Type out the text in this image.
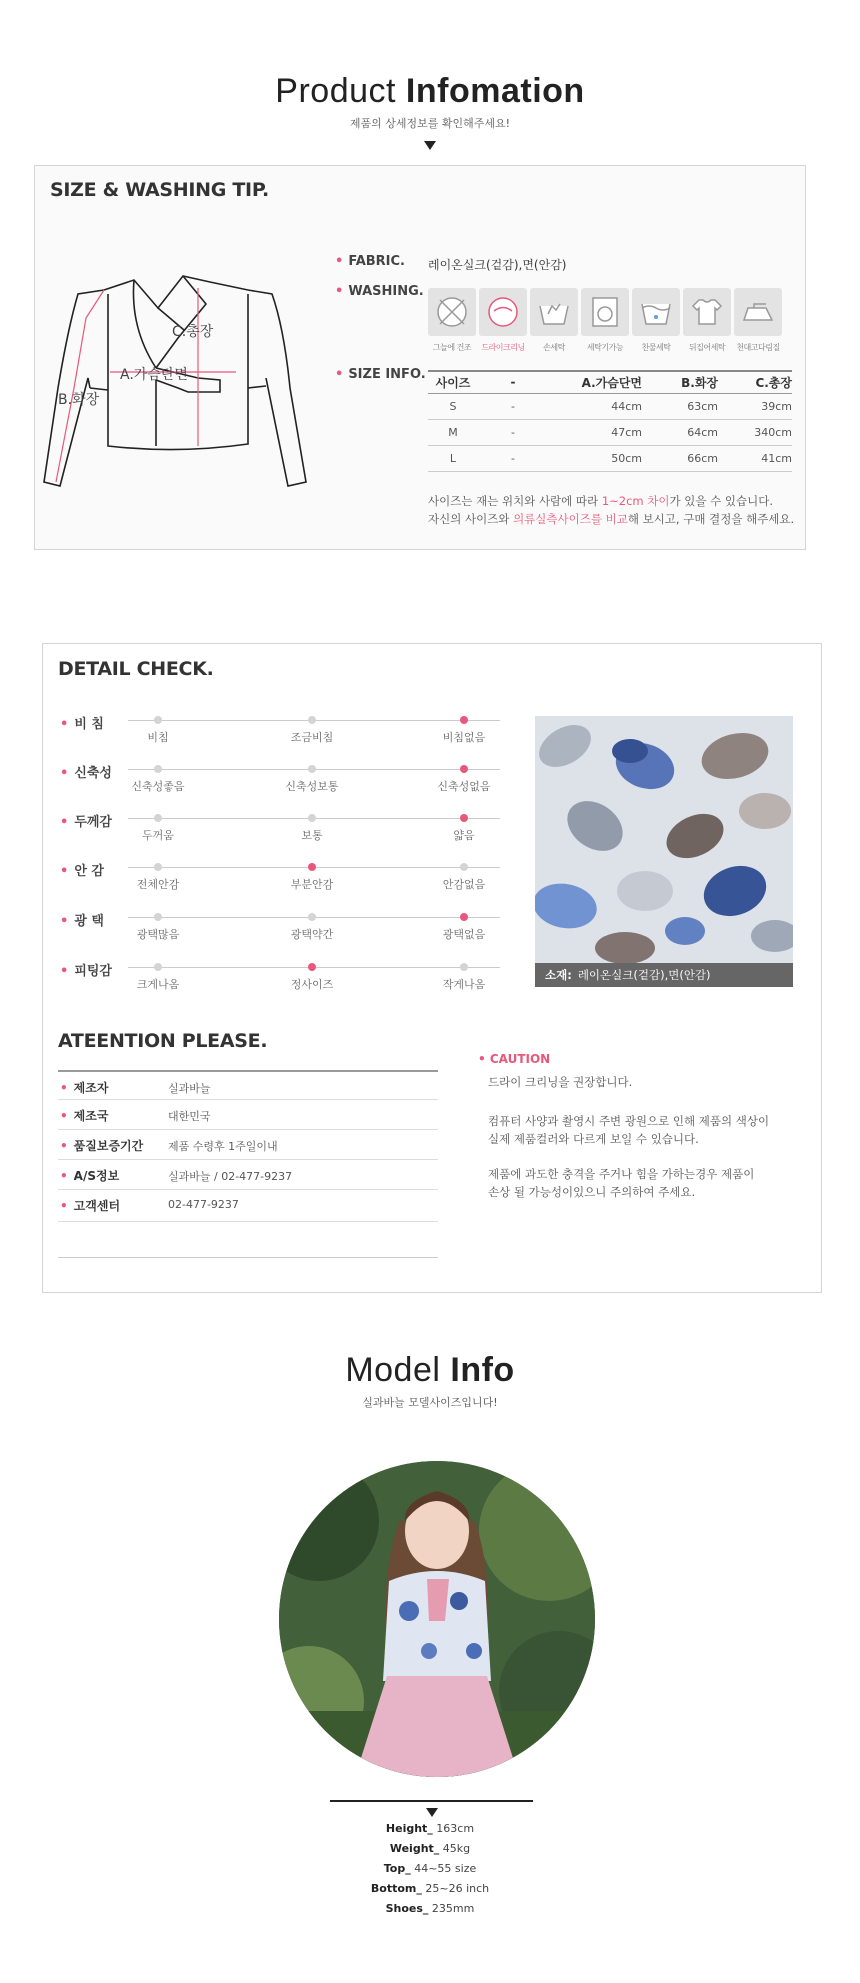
Product Infomation
제품의 상세정보를 확인해주세요!
SIZE & WASHING TIP.
C.총장
A.가슴단면
B.화장
• FABRIC. 레이온실크(겉감),면(안감)
• WASHING.
그늘에 건조	드라이크리닝	손세탁	세탁기가능	찬물세탁	뒤집어세탁	천대고다림질
• SIZE INFO.
사이즈	-	A.가슴단면	B.화장	C.총장
S	-	44cm	63cm	39cm
M	-	47cm	64cm	340cm
L	-	50cm	66cm	41cm
사이즈는 재는 위치와 사람에 따라 1~2cm 차이가 있을 수 있습니다.
자신의 사이즈와 의류실측사이즈를 비교해 보시고, 구매 결정을 해주세요.
DETAIL CHECK.
• 비 침
비침	조금비침	비침없음
• 신축성
신축성좋음	신축성보통	신축성없음
• 두께감
두꺼움	보통	얇음
• 안 감
전체안감	부분안감	안감없음
• 광 택
광택많음	광택약간	광택없음
• 피팅감
크게나옴	정사이즈	작게나옴
소재: 레이온실크(겉감),면(안감)
ATEENTION PLEASE.
• 제조자	실과바늘
• 제조국	대한민국
• 품질보증기간 제품 수령후 1주일이내
• A/S정보	실과바늘 / 02-477-9237
• 고객센터	02-477-9237
• CAUTION
드라이 크리닝을 권장합니다.
컴퓨터 사양과 촬영시 주변 광원으로 인해 제품의 색상이
실제 제품컬러와 다르게 보일 수 있습니다.
제품에 과도한 충격을 주거나 힘을 가하는경우 제품이
손상 될 가능성이있으니 주의하여 주세요.
Model Info
실과바늘 모델사이즈입니다!
Height_ 163cm
Weight_ 45kg
Top_ 44~55 size
Bottom_ 25~26 inch
Shoes_ 235mm
